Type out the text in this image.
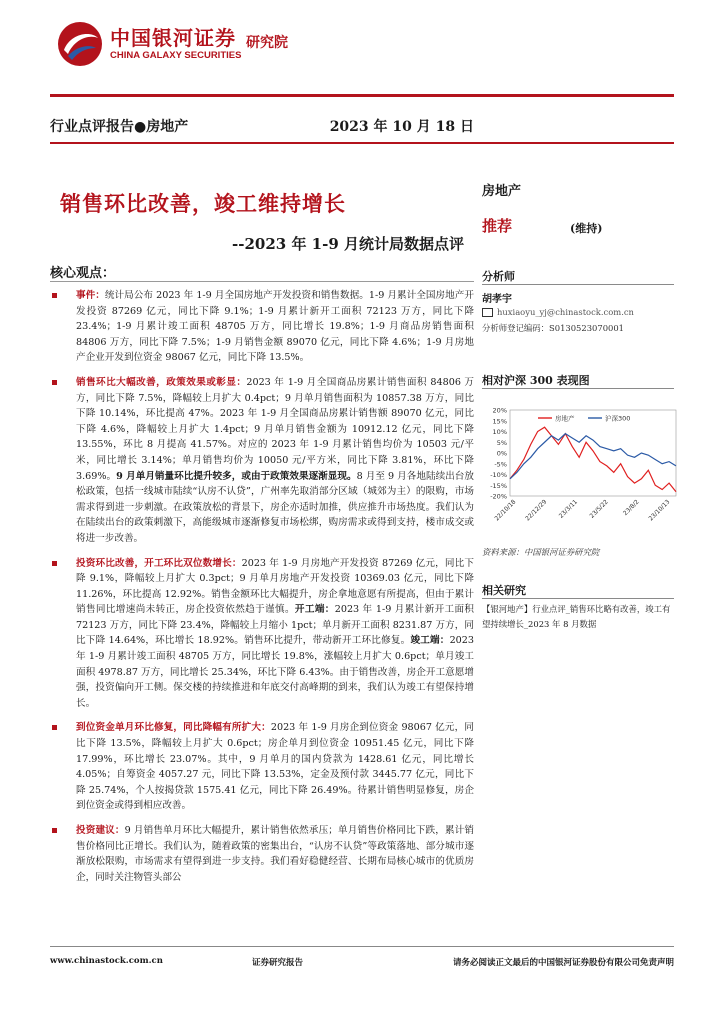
中国银河证券
CHINA GALAXY SECURITIES
研究院
行业点评报告●房地产	2023 年 10 月 18 日
销售环比改善，竣工维持增长
--2023 年 1-9 月统计局数据点评
核心观点：
事件：统计局公布 2023 年 1-9 月全国房地产开发投资和销售数据。1-9 月累计全国房地产开发投资 87269 亿元，同比下降 9.1%；1-9 月累计新开工面积 72123 万方，同比下降 23.4%；1-9 月累计竣工面积 48705 万方，同比增长 19.8%；1-9 月商品房销售面积 84806 万方，同比下降 7.5%；1-9 月销售金额 89070 亿元，同比下降 4.6%；1-9 月房地产企业开发到位资金 98067 亿元，同比下降 13.5%。
销售环比大幅改善，政策效果或彰显：2023 年 1-9 月全国商品房累计销售面积 84806 万方，同比下降 7.5%，降幅较上月扩大 0.4pct；9 月单月销售面积为 10857.38 万方，同比下降 10.14%，环比提高 47%。2023 年 1-9 月全国商品房累计销售额 89070 亿元，同比下降 4.6%，降幅较上月扩大 1.4pct；9 月单月销售金额为 10912.12 亿元，同比下降 13.55%，环比 8 月提高 41.57%。对应的 2023 年 1-9 月累计销售均价为 10503 元/平米，同比增长 3.14%；单月销售均价为 10050 元/平方米，同比下降 3.81%，环比下降 3.69%。9 月单月销量环比提升较多，或由于政策效果逐渐显现。8 月至 9 月各地陆续出台放松政策，包括一线城市陆续“认房不认贷”，广州率先取消部分区域（城郊为主）的限购，市场需求得到进一步刺激。在政策放松的背景下，房企亦适时加推，供应推升市场热度。我们认为在陆续出台的政策刺激下，高能级城市逐渐修复市场松绑，购房需求或得到支持，楼市成交或将进一步改善。
投资环比改善，开工环比双位数增长：2023 年 1-9 月房地产开发投资 87269 亿元，同比下降 9.1%，降幅较上月扩大 0.3pct；9 月单月房地产开发投资 10369.03 亿元，同比下降 11.26%，环比提高 12.92%。销售金额环比大幅提升，房企拿地意愿有所提高，但由于累计销售同比增速尚未转正，房企投资依然趋于谨慎。开工端：2023 年 1-9 月累计新开工面积 72123 万方，同比下降 23.4%，降幅较上月缩小 1pct；单月新开工面积 8231.87 万方，同比下降 14.64%，环比增长 18.92%。销售环比提升，带动新开工环比修复。竣工端：2023 年 1-9 月累计竣工面积 48705 万方，同比增长 19.8%，涨幅较上月扩大 0.6pct；单月竣工面积 4978.87 万方，同比增长 25.34%，环比下降 6.43%。由于销售改善，房企开工意愿增强，投资偏向开工侧。保交楼的持续推进和年底交付高峰期的到来，我们认为竣工有望保持增长。
到位资金单月环比修复，同比降幅有所扩大：2023 年 1-9 月房企到位资金 98067 亿元，同比下降 13.5%，降幅较上月扩大 0.6pct；房企单月到位资金 10951.45 亿元，同比下降 17.99%，环比增长 23.07%。其中，9 月单月的国内贷款为 1428.61 亿元，同比增长 4.05%；自筹资金 4057.27 元，同比下降 13.53%，定金及预付款 3445.77 亿元，同比下降 25.74%，个人按揭贷款 1575.41 亿元，同比下降 26.49%。待累计销售明显修复，房企到位资金或得到相应改善。
投资建议：9 月销售单月环比大幅提升，累计销售依然承压；单月销售价格同比下跌，累计销售价格同比正增长。我们认为，随着政策的密集出台，“认房不认贷”等政策落地、部分城市逐渐放松限购，市场需求有望得到进一步支持。我们看好稳健经营、长期布局核心城市的优质房企，同时关注物管头部公
房地产
推荐	(维持)
分析师
胡孝宇
huxiaoyu_yj@chinastock.com.cn
分析师登记编码：S0130523070001
相对沪深 300 表现图
20%
15%
10%
5%
0%
-5%
-10%
-15%
-20%
22/10/18 22/12/29 23/3/11 23/5/22 23/8/2 23/10/13
房地产	沪深300
资料来源：中国银河证券研究院
相关研究
【银河地产】行业点评_销售环比略有改善，竣工有望持续增长_2023 年 8 月数据
www.chinastock.com.cn	证券研究报告	请务必阅读正文最后的中国银河证券股份有限公司免责声明
